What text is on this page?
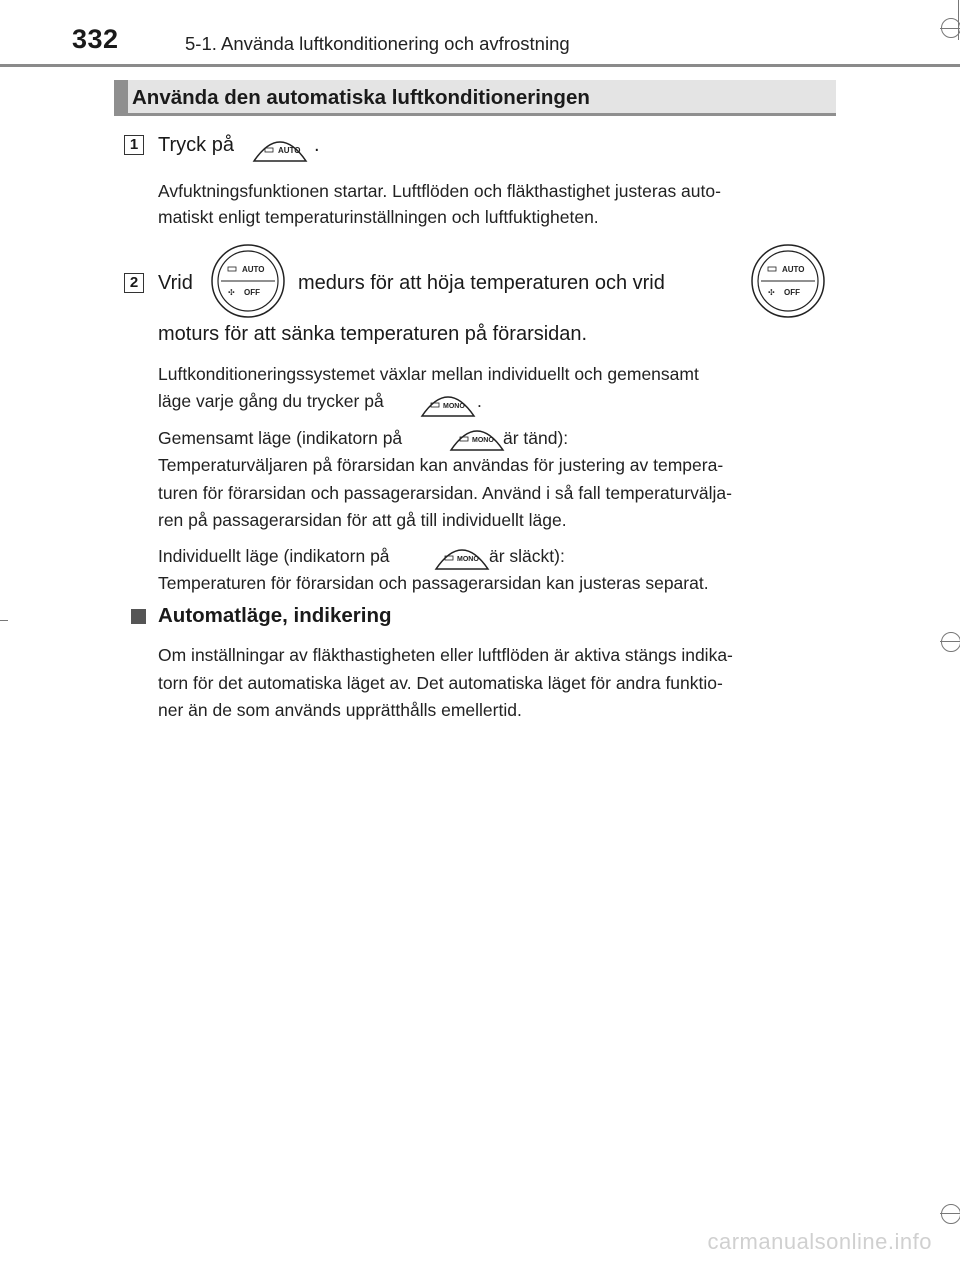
332	5-1. Använda luftkonditionering och avfrostning
Använda den automatiska luftkonditioneringen
1 Tryck på	AUTO .
Avfuktningsfunktionen startar. Luftflöden och fläkthastighet justeras auto-
matiskt enligt temperaturinställningen och luftfuktigheten.
2 Vrid
AUTO
✣ OFF medurs för att höja temperaturen och vrid
AUTO
✣ OFF
moturs för att sänka temperaturen på förarsidan.
Luftkonditioneringssystemet växlar mellan individuellt och gemensamt
läge varje gång du trycker på	MONO .
Gemensamt läge (indikatorn på	MONO är tänd):
Temperaturväljaren på förarsidan kan användas för justering av tempera-
turen för förarsidan och passagerarsidan. Använd i så fall temperaturvälja-
ren på passagerarsidan för att gå till individuellt läge.
Individuellt läge (indikatorn på	MONO är släckt):
Temperaturen för förarsidan och passagerarsidan kan justeras separat.
Automatläge, indikering
Om inställningar av fläkthastigheten eller luftflöden är aktiva stängs indika-
torn för det automatiska läget av. Det automatiska läget för andra funktio-
ner än de som används upprätthålls emellertid.
carmanualsonline.info
